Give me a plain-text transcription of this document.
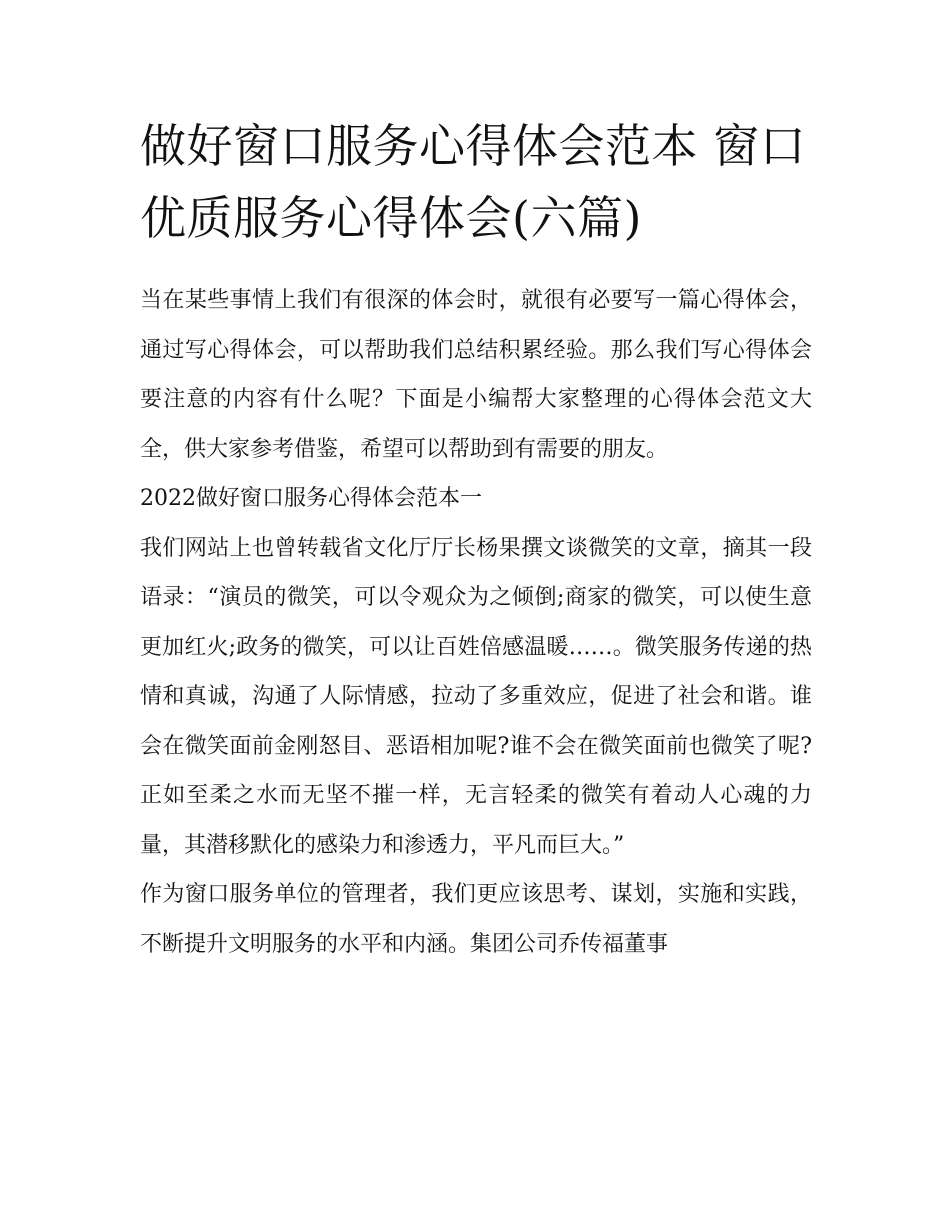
做好窗口服务心得体会范本 窗口优质服务心得体会(六篇)

当在某些事情上我们有很深的体会时，就很有必要写一篇心得体会，通过写心得体会，可以帮助我们总结积累经验。那么我们写心得体会要注意的内容有什么呢？下面是小编帮大家整理的心得体会范文大全，供大家参考借鉴，希望可以帮助到有需要的朋友。

2022做好窗口服务心得体会范本一

我们网站上也曾转载省文化厅厅长杨果撰文谈微笑的文章，摘其一段语录：“演员的微笑，可以令观众为之倾倒;商家的微笑，可以使生意更加红火;政务的微笑，可以让百姓倍感温暖……。微笑服务传递的热情和真诚，沟通了人际情感，拉动了多重效应，促进了社会和谐。谁会在微笑面前金刚怒目、恶语相加呢?谁不会在微笑面前也微笑了呢?正如至柔之水而无坚不摧一样，无言轻柔的微笑有着动人心魂的力量，其潜移默化的感染力和渗透力，平凡而巨大。”

作为窗口服务单位的管理者，我们更应该思考、谋划，实施和实践，不断提升文明服务的水平和内涵。集团公司乔传福董事
